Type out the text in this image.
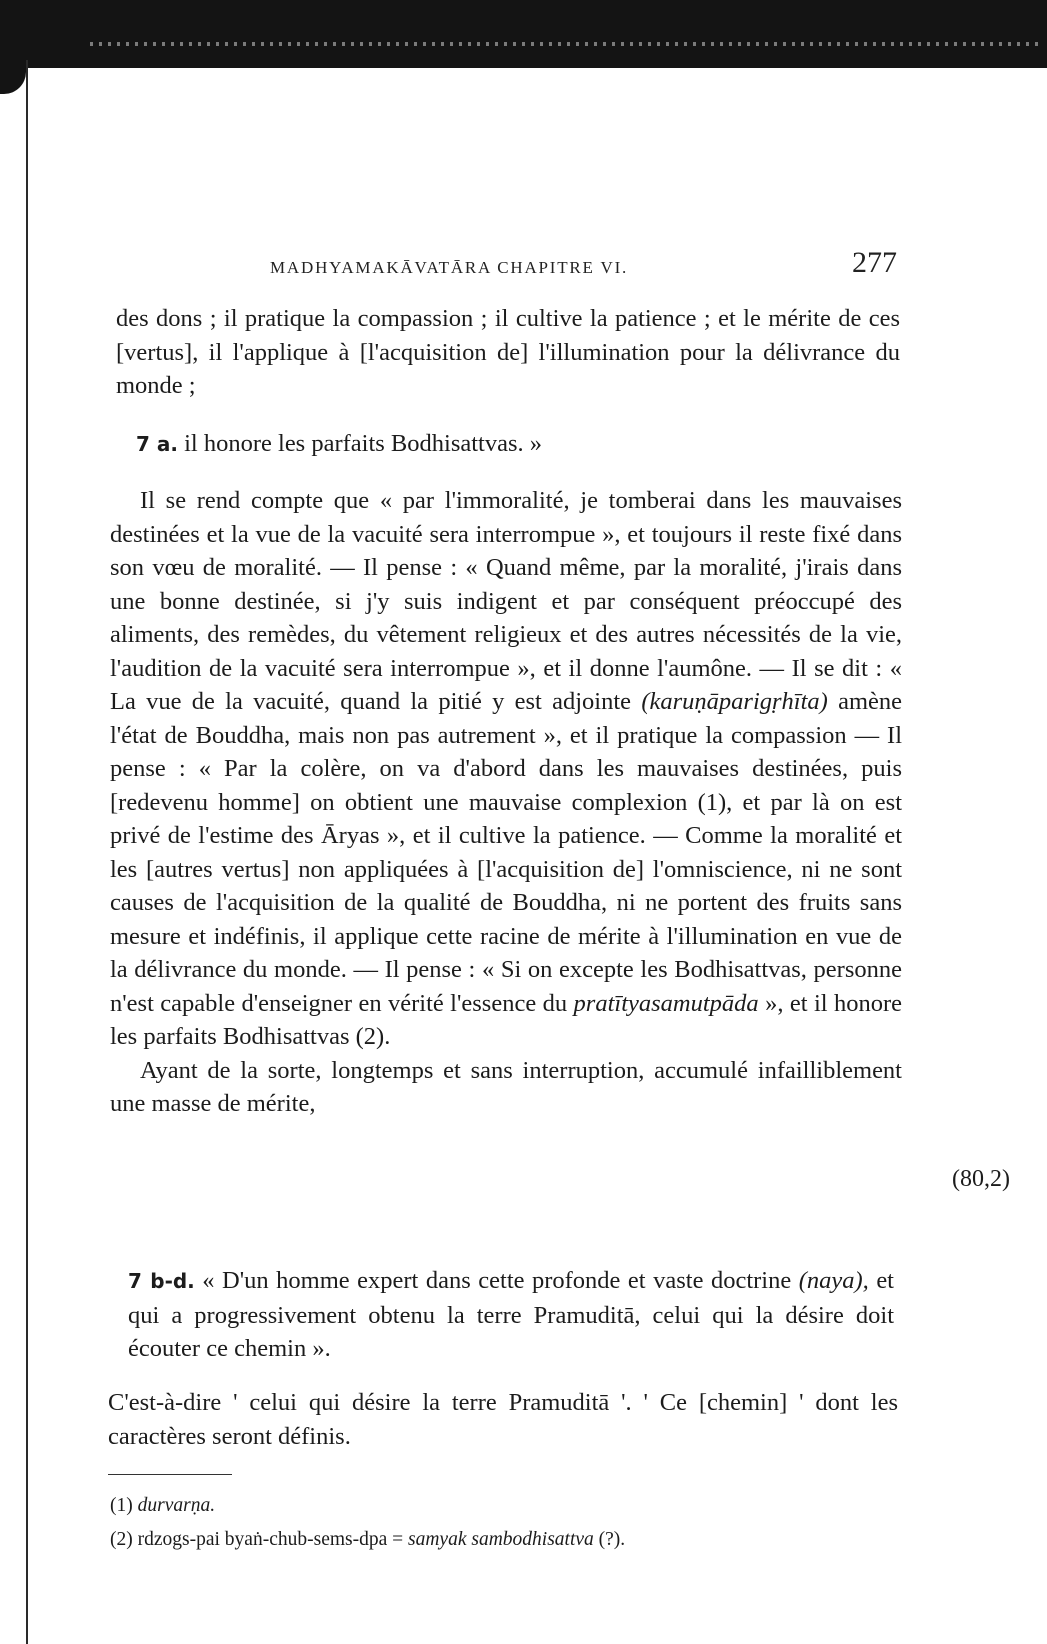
MADHYAMAKĀVATĀRA CHAPITRE VI.	277

des dons ; il pratique la compassion ; il cultive la patience ; et le mérite de ces [vertus], il l'applique à [l'acquisition de] l'illumination pour la délivrance du monde ;

7 a. il honore les parfaits Bodhisattvas. »

Il se rend compte que « par l'immoralité, je tomberai dans les mauvaises destinées et la vue de la vacuité sera interrompue », et toujours il reste fixé dans son vœu de moralité. — Il pense : « Quand même, par la moralité, j'irais dans une bonne destinée, si j'y suis indigent et par conséquent préoccupé des aliments, des remèdes, du vêtement religieux et des autres nécessités de la vie, l'audition de la vacuité sera interrompue », et il donne l'aumône. — Il se dit : « La vue de la vacuité, quand la pitié y est adjointe (karuṇāparigṛhīta) amène l'état de Bouddha, mais non pas autrement », et il pratique la compassion — Il pense : « Par la colère, on va d'abord dans les mauvaises destinées, puis [redevenu homme] on obtient une mauvaise complexion (1), et par là on est privé de l'estime des Āryas », et il cultive la patience. — Comme la moralité et les [autres vertus] non appliquées à [l'acquisition de] l'omniscience, ni ne sont causes de l'acquisition de la qualité de Bouddha, ni ne portent des fruits sans mesure et indéfinis, il applique cette racine de mérite à l'illumination en vue de la délivrance du monde. — Il pense : « Si on excepte les Bodhisattvas, personne n'est capable d'enseigner en vérité l'essence du pratītyasamutpāda », et il honore les parfaits Bodhisattvas (2).

Ayant de la sorte, longtemps et sans interruption, accumulé infailliblement une masse de mérite,

(80,2)

7 b-d. « D'un homme expert dans cette profonde et vaste doctrine (naya), et qui a progressivement obtenu la terre Pramuditā, celui qui la désire doit écouter ce chemin ».

C'est-à-dire ' celui qui désire la terre Pramuditā '. ' Ce [chemin] ' dont les caractères seront définis.

(1) durvarṇa.
(2) rdzogs-pai byaṅ-chub-sems-dpa = samyak sambodhisattva (?).
